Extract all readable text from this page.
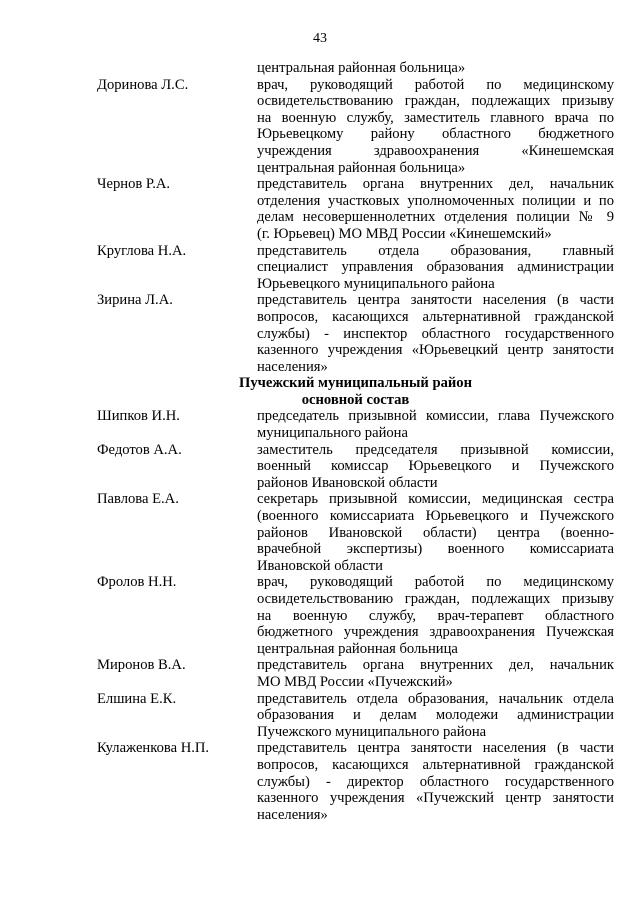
43
центральная районная больница»
Доринова Л.С.	врач, руководящий работой по медицинскому
освидетельствованию граждан, подлежащих призыву
на военную службу, заместитель главного врача по
Юрьевецкому району областного бюджетного
учреждения здравоохранения «Кинешемская
центральная районная больница»
Чернов Р.А.	представитель органа внутренних дел, начальник
отделения участковых уполномоченных полиции и по
делам несовершеннолетних отделения полиции № 9
(г. Юрьевец) МО МВД России «Кинешемский»
Круглова Н.А.	представитель отдела образования, главный
специалист управления образования администрации
Юрьевецкого муниципального района
Зирина Л.А.	представитель центра занятости населения (в части
вопросов, касающихся альтернативной гражданской
службы) - инспектор областного государственного
казенного учреждения «Юрьевецкий центр занятости
населения»
Пучежский муниципальный район
основной состав
Шипков И.Н.	председатель призывной комиссии, глава Пучежского
муниципального района
Федотов А.А.	заместитель председателя призывной комиссии,
военный комиссар Юрьевецкого и Пучежского
районов Ивановской области
Павлова Е.А.	секретарь призывной комиссии, медицинская сестра
(военного комиссариата Юрьевецкого и Пучежского
районов Ивановской области) центра (военно-
врачебной экспертизы) военного комиссариата
Ивановской области
Фролов Н.Н.	врач, руководящий работой по медицинскому
освидетельствованию граждан, подлежащих призыву
на военную службу, врач-терапевт областного
бюджетного учреждения здравоохранения Пучежская
центральная районная больница
Миронов В.А.	представитель органа внутренних дел, начальник
МО МВД России «Пучежский»
Елшина Е.К.	представитель отдела образования, начальник отдела
образования и делам молодежи администрации
Пучежского муниципального района
Кулаженкова Н.П.	представитель центра занятости населения (в части
вопросов, касающихся альтернативной гражданской
службы) - директор областного государственного
казенного учреждения «Пучежский центр занятости
населения»
